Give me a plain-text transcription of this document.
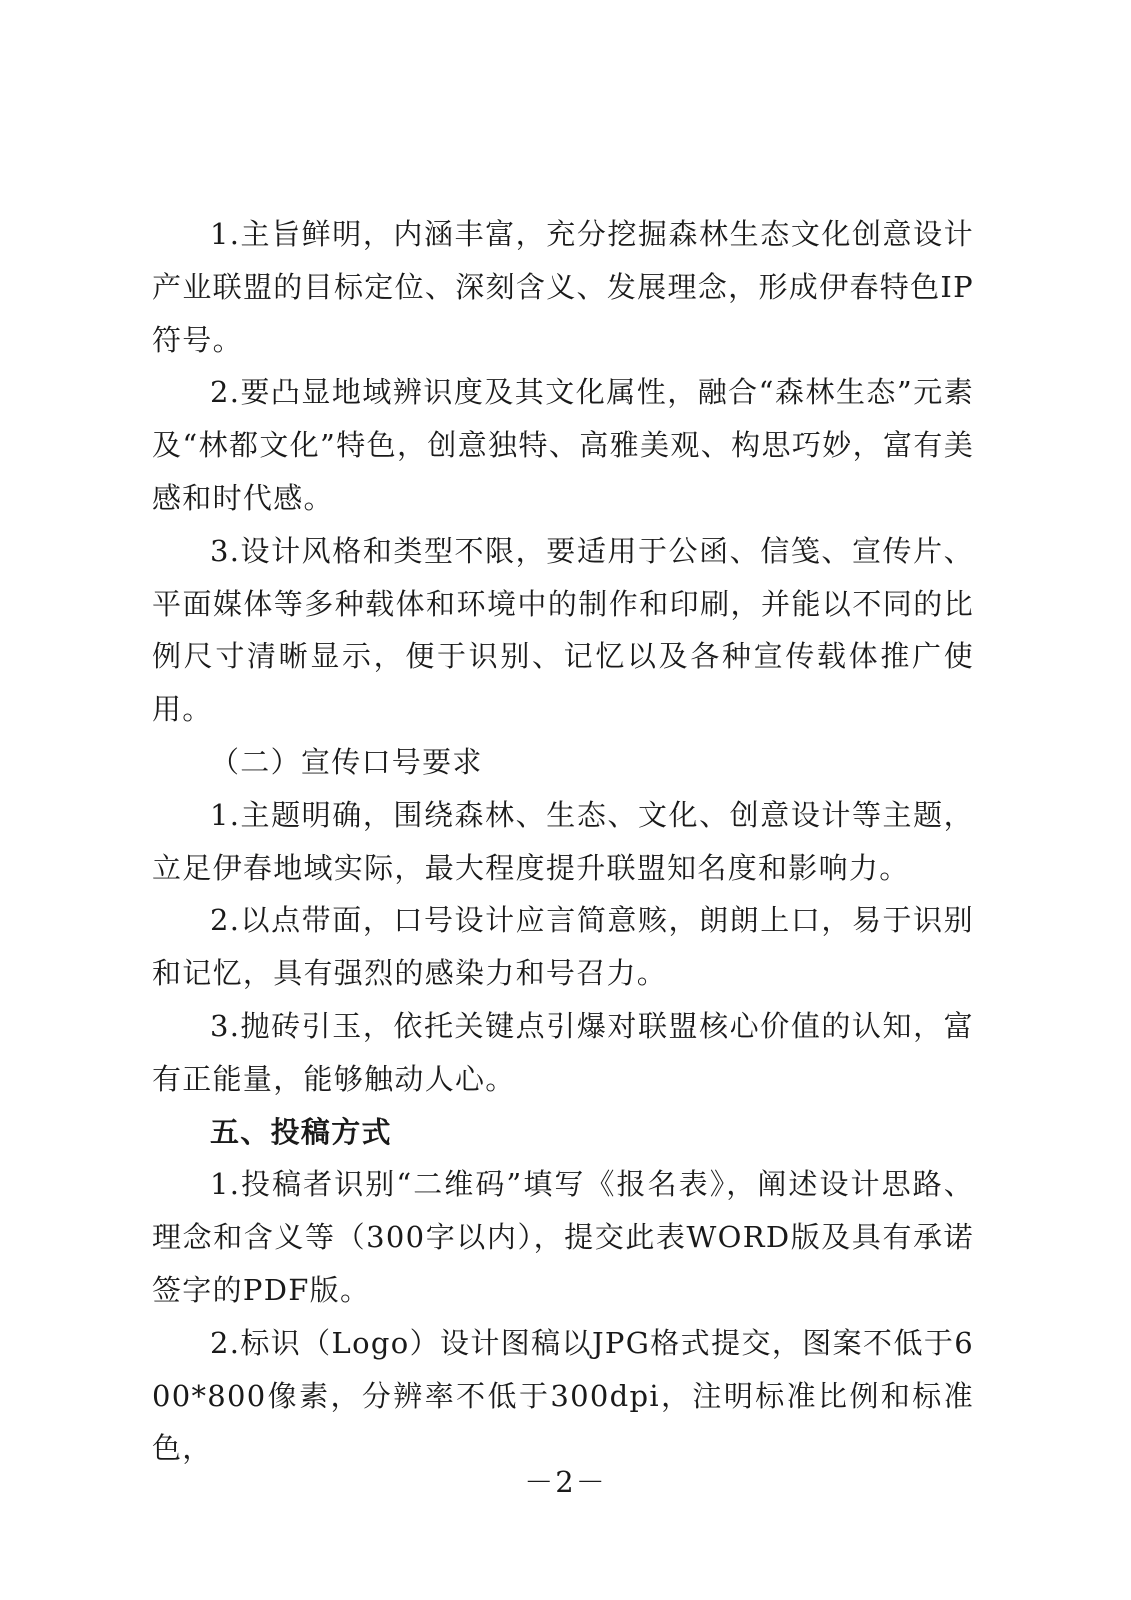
1.主旨鲜明，内涵丰富，充分挖掘森林生态文化创意设计产业联盟的目标定位、深刻含义、发展理念，形成伊春特色IP符号。

2.要凸显地域辨识度及其文化属性，融合“森林生态”元素及“林都文化”特色，创意独特、高雅美观、构思巧妙，富有美感和时代感。

3.设计风格和类型不限，要适用于公函、信笺、宣传片、平面媒体等多种载体和环境中的制作和印刷，并能以不同的比例尺寸清晰显示，便于识别、记忆以及各种宣传载体推广使用。

（二）宣传口号要求

1.主题明确，围绕森林、生态、文化、创意设计等主题，立足伊春地域实际，最大程度提升联盟知名度和影响力。

2.以点带面，口号设计应言简意赅，朗朗上口，易于识别和记忆，具有强烈的感染力和号召力。

3.抛砖引玉，依托关键点引爆对联盟核心价值的认知，富有正能量，能够触动人心。

五、投稿方式

1.投稿者识别“二维码”填写《报名表》，阐述设计思路、理念和含义等（300字以内），提交此表WORD版及具有承诺签字的PDF版。

2.标识（Logo）设计图稿以JPG格式提交，图案不低于600*800像素，分辨率不低于300dpi，注明标准比例和标准色，

－2－
